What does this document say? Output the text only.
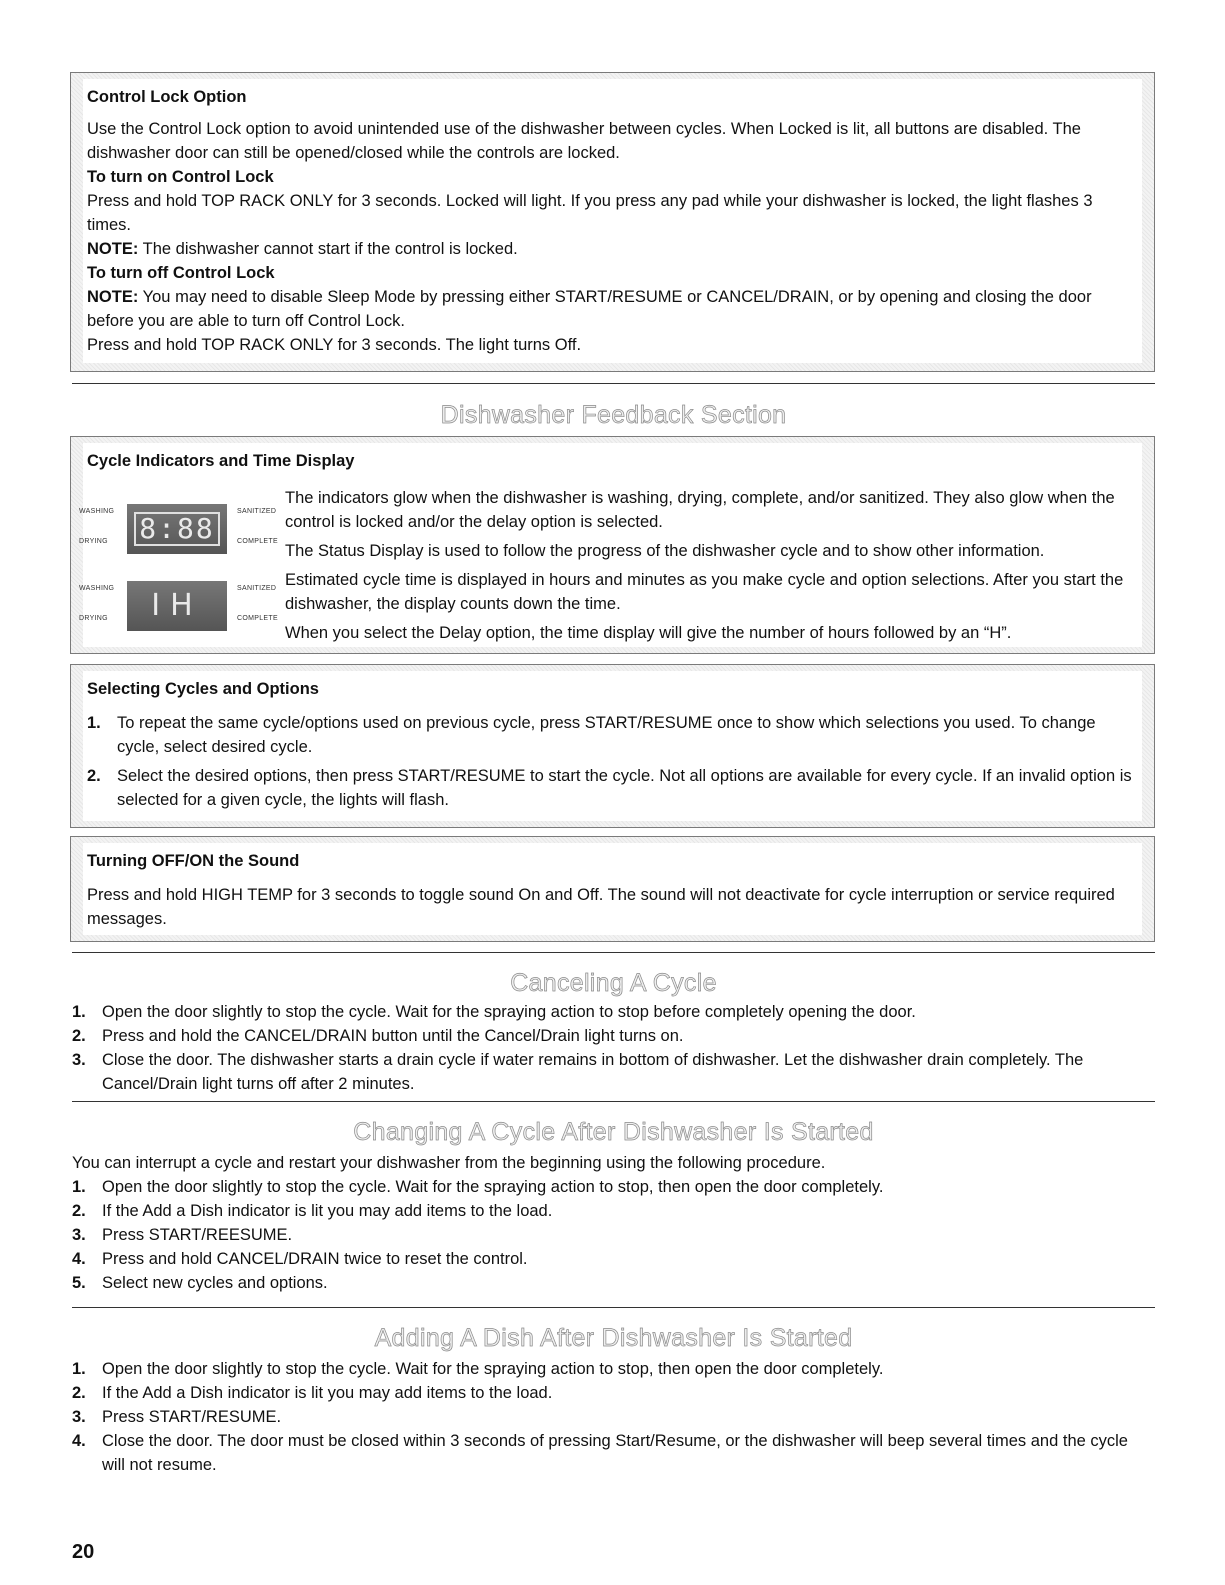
Control Lock Option

Use the Control Lock option to avoid unintended use of the dishwasher between cycles. When Locked is lit, all buttons are disabled. The dishwasher door can still be opened/closed while the controls are locked.

To turn on Control Lock

Press and hold TOP RACK ONLY for 3 seconds. Locked will light. If you press any pad while your dishwasher is locked, the light flashes 3 times.

NOTE: The dishwasher cannot start if the control is locked.

To turn off Control Lock

NOTE: You may need to disable Sleep Mode by pressing either START/RESUME or CANCEL/DRAIN, or by opening and closing the door before you are able to turn off Control Lock.

Press and hold TOP RACK ONLY for 3 seconds. The light turns Off.

Dishwasher Feedback Section

Cycle Indicators and Time Display

WASHING
DRYING 8:88
SANITIZED
COMPLETE
WASHING
DRYING IH	SANITIZED
COMPLETE

The indicators glow when the dishwasher is washing, drying, complete, and/or sanitized. They also glow when the control is locked and/or the delay option is selected.

The Status Display is used to follow the progress of the dishwasher cycle and to show other information.

Estimated cycle time is displayed in hours and minutes as you make cycle and option selections. After you start the dishwasher, the display counts down the time.

When you select the Delay option, the time display will give the number of hours followed by an “H”.

Selecting Cycles and Options

1. To repeat the same cycle/options used on previous cycle, press START/RESUME once to show which selections you used. To change cycle, select desired cycle.
2. Select the desired options, then press START/RESUME to start the cycle. Not all options are available for every cycle. If an invalid option is selected for a given cycle, the lights will flash.

Turning OFF/ON the Sound

Press and hold HIGH TEMP for 3 seconds to toggle sound On and Off. The sound will not deactivate for cycle interruption or service required messages.

Canceling A Cycle
1. Open the door slightly to stop the cycle. Wait for the spraying action to stop before completely opening the door.
2. Press and hold the CANCEL/DRAIN button until the Cancel/Drain light turns on.
3. Close the door. The dishwasher starts a drain cycle if water remains in bottom of dishwasher. Let the dishwasher drain completely. The Cancel/Drain light turns off after 2 minutes.
Changing A Cycle After Dishwasher Is Started

You can interrupt a cycle and restart your dishwasher from the beginning using the following procedure.

1. Open the door slightly to stop the cycle. Wait for the spraying action to stop, then open the door completely.
2. If the Add a Dish indicator is lit you may add items to the load.
3. Press START/REESUME.
4. Press and hold CANCEL/DRAIN twice to reset the control.
5. Select new cycles and options.
Adding A Dish After Dishwasher Is Started
1. Open the door slightly to stop the cycle. Wait for the spraying action to stop, then open the door completely.
2. If the Add a Dish indicator is lit you may add items to the load.
3. Press START/RESUME.
4. Close the door. The door must be closed within 3 seconds of pressing Start/Resume, or the dishwasher will beep several times and the cycle will not resume.
20
